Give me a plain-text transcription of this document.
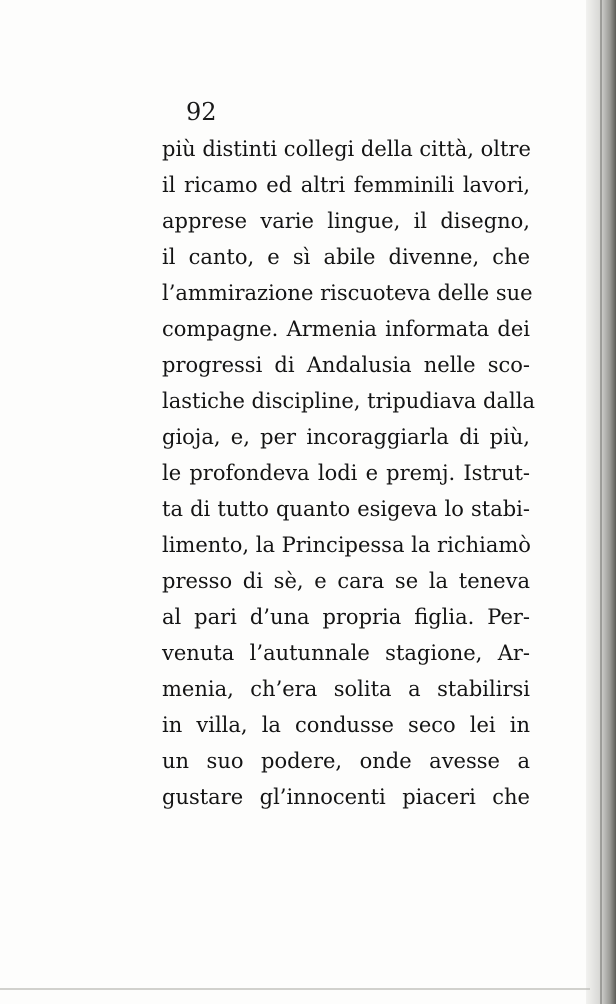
92

più distinti collegi della città, oltre
il ricamo ed altri femminili lavori,
apprese varie lingue, il disegno,
il canto, e sì abile divenne, che
l’ammirazione riscuoteva delle sue
compagne. Armenia informata dei
progressi di Andalusia nelle sco-
lastiche discipline, tripudiava dalla
gioja, e, per incoraggiarla di più,
le profondeva lodi e premj. Istrut-
ta di tutto quanto esigeva lo stabi-
limento, la Principessa la richiamò
presso di sè, e cara se la teneva
al pari d’una propria figlia. Per-
venuta l’autunnale stagione, Ar-
menia, ch’era solita a stabilirsi
in villa, la condusse seco lei in
un suo podere, onde avesse a
gustare gl’innocenti piaceri che
